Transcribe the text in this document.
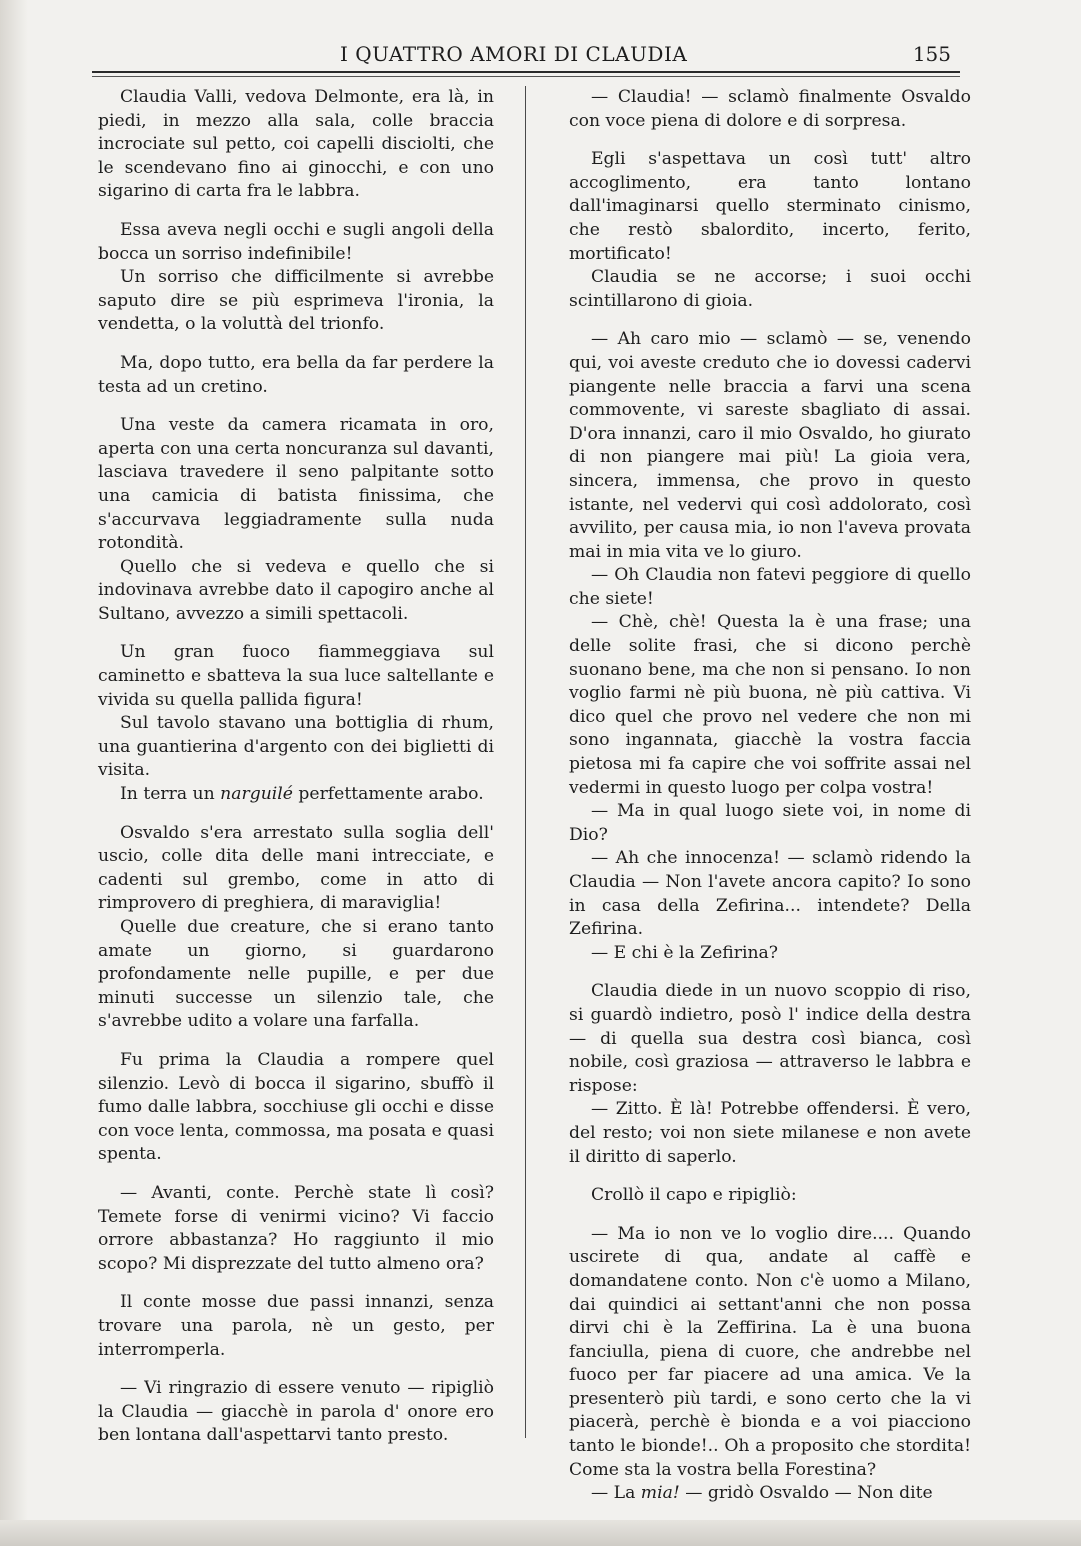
I QUATTRO AMORI DI CLAUDIA	155

Claudia Valli, vedova Delmonte, era là, in piedi, in mezzo alla sala, colle braccia incrociate sul petto, coi capelli disciolti, che le scendevano fino ai ginocchi, e con uno sigarino di carta fra le labbra.

Essa aveva negli occhi e sugli angoli della bocca un sorriso indefinibile!

Un sorriso che difficilmente si avrebbe saputo dire se più esprimeva l'ironia, la vendetta, o la voluttà del trionfo.

Ma, dopo tutto, era bella da far perdere la testa ad un cretino.

Una veste da camera ricamata in oro, aperta con una certa noncuranza sul davanti, lasciava travedere il seno palpitante sotto una camicia di batista finissima, che s'accurvava leggiadramente sulla nuda rotondità.

Quello che si vedeva e quello che si indovinava avrebbe dato il capogiro anche al Sultano, avvezzo a simili spettacoli.

Un gran fuoco fiammeggiava sul caminetto e sbatteva la sua luce saltellante e vivida su quella pallida figura!

Sul tavolo stavano una bottiglia di rhum, una guantierina d'argento con dei biglietti di visita.

In terra un narguilé perfettamente arabo.

Osvaldo s'era arrestato sulla soglia dell' uscio, colle dita delle mani intrecciate, e cadenti sul grembo, come in atto di rimprovero di preghiera, di maraviglia!

Quelle due creature, che si erano tanto amate un giorno, si guardarono profondamente nelle pupille, e per due minuti successe un silenzio tale, che s'avrebbe udito a volare una farfalla.

Fu prima la Claudia a rompere quel silenzio. Levò di bocca il sigarino, sbuffò il fumo dalle labbra, socchiuse gli occhi e disse con voce lenta, commossa, ma posata e quasi spenta.

— Avanti, conte. Perchè state lì così? Temete forse di venirmi vicino? Vi faccio orrore abbastanza? Ho raggiunto il mio scopo? Mi disprezzate del tutto almeno ora?

Il conte mosse due passi innanzi, senza trovare una parola, nè un gesto, per interromperla.

— Vi ringrazio di essere venuto — ripigliò la Claudia — giacchè in parola d' onore ero ben lontana dall'aspettarvi tanto presto.

— Claudia! — sclamò finalmente Osvaldo con voce piena di dolore e di sorpresa.

Egli s'aspettava un così tutt' altro accoglimento, era tanto lontano dall'imaginarsi quello sterminato cinismo, che restò sbalordito, incerto, ferito, mortificato!

Claudia se ne accorse; i suoi occhi scintillarono di gioia.

— Ah caro mio — sclamò — se, venendo qui, voi aveste creduto che io dovessi cadervi piangente nelle braccia a farvi una scena commovente, vi sareste sbagliato di assai. D'ora innanzi, caro il mio Osvaldo, ho giurato di non piangere mai più! La gioia vera, sincera, immensa, che provo in questo istante, nel vedervi qui così addolorato, così avvilito, per causa mia, io non l'aveva provata mai in mia vita ve lo giuro.

— Oh Claudia non fatevi peggiore di quello che siete!

— Chè, chè! Questa la è una frase; una delle solite frasi, che si dicono perchè suonano bene, ma che non si pensano. Io non voglio farmi nè più buona, nè più cattiva. Vi dico quel che provo nel vedere che non mi sono ingannata, giacchè la vostra faccia pietosa mi fa capire che voi soffrite assai nel vedermi in questo luogo per colpa vostra!

— Ma in qual luogo siete voi, in nome di Dio?

— Ah che innocenza! — sclamò ridendo la Claudia — Non l'avete ancora capito? Io sono in casa della Zefirina... intendete? Della Zefirina.

— E chi è la Zefirina?

Claudia diede in un nuovo scoppio di riso, si guardò indietro, posò l' indice della destra — di quella sua destra così bianca, così nobile, così graziosa — attraverso le labbra e rispose:

— Zitto. È là! Potrebbe offendersi. È vero, del resto; voi non siete milanese e non avete il diritto di saperlo.

Crollò il capo e ripigliò:

— Ma io non ve lo voglio dire.... Quando uscirete di qua, andate al caffè e domandatene conto. Non c'è uomo a Milano, dai quindici ai settant'anni che non possa dirvi chi è la Zeffirina. La è una buona fanciulla, piena di cuore, che andrebbe nel fuoco per far piacere ad una amica. Ve la presenterò più tardi, e sono certo che la vi piacerà, perchè è bionda e a voi piacciono tanto le bionde!.. Oh a proposito che stordita! Come sta la vostra bella Forestina?

— La mia! — gridò Osvaldo — Non dite
